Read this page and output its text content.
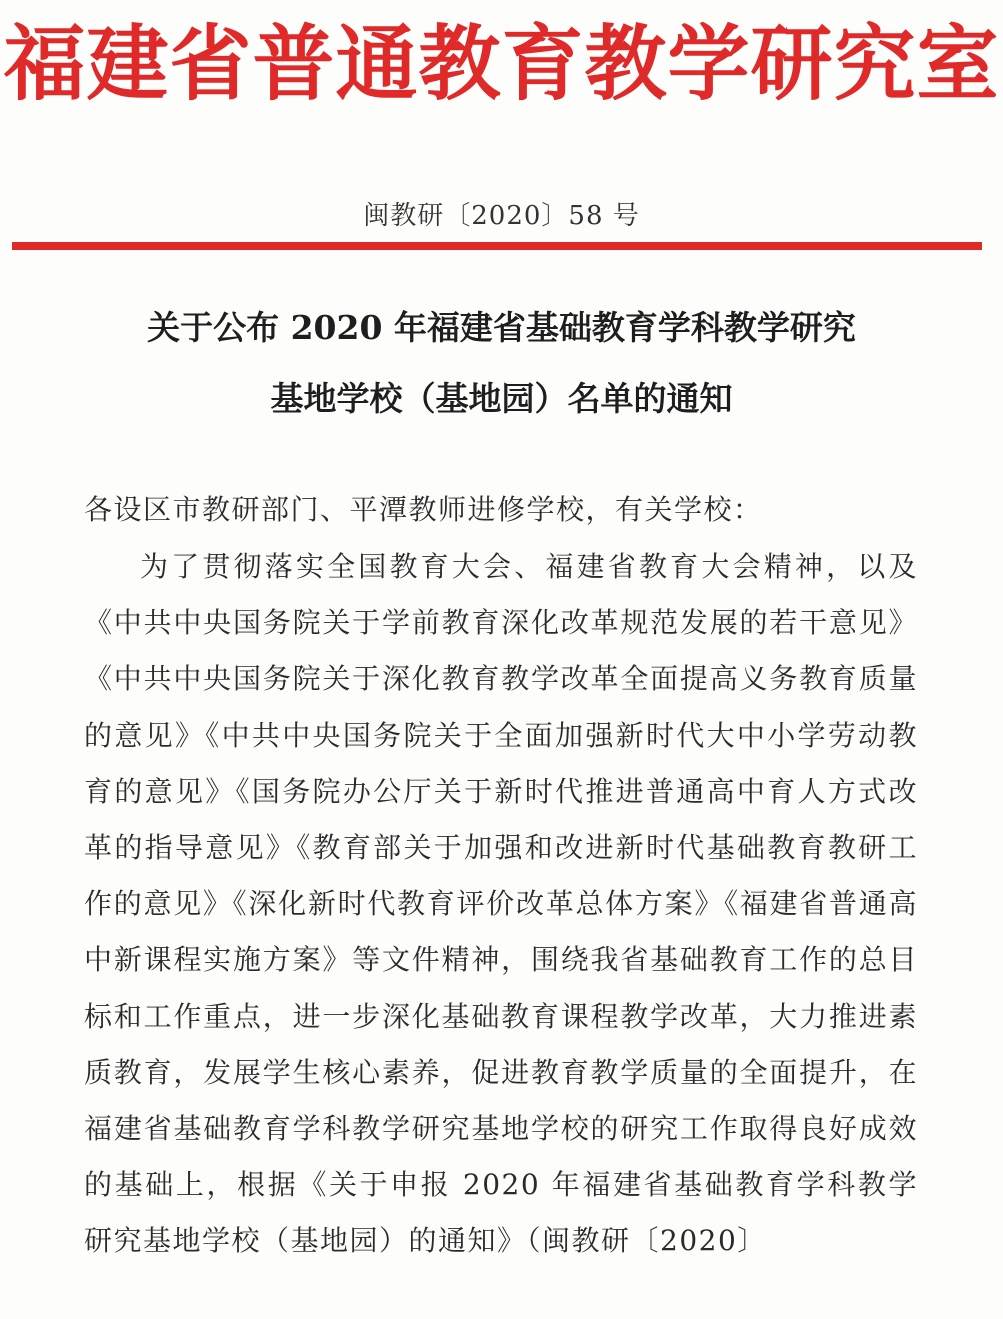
福建省普通教育教学研究室
闽教研〔2020〕58 号
关于公布 2020 年福建省基础教育学科教学研究
基地学校（基地园）名单的通知
各设区市教研部门、平潭教师进修学校，有关学校：
为了贯彻落实全国教育大会、福建省教育大会精神，以及《中共中央国务院关于学前教育深化改革规范发展的若干意见》《中共中央国务院关于深化教育教学改革全面提高义务教育质量的意见》《中共中央国务院关于全面加强新时代大中小学劳动教育的意见》《国务院办公厅关于新时代推进普通高中育人方式改革的指导意见》《教育部关于加强和改进新时代基础教育教研工作的意见》《深化新时代教育评价改革总体方案》《福建省普通高中新课程实施方案》等文件精神，围绕我省基础教育工作的总目标和工作重点，进一步深化基础教育课程教学改革，大力推进素质教育，发展学生核心素养，促进教育教学质量的全面提升，在福建省基础教育学科教学研究基地学校的研究工作取得良好成效的基础上，根据《关于申报 2020 年福建省基础教育学科教学研究基地学校（基地园）的通知》（闽教研〔2020〕
